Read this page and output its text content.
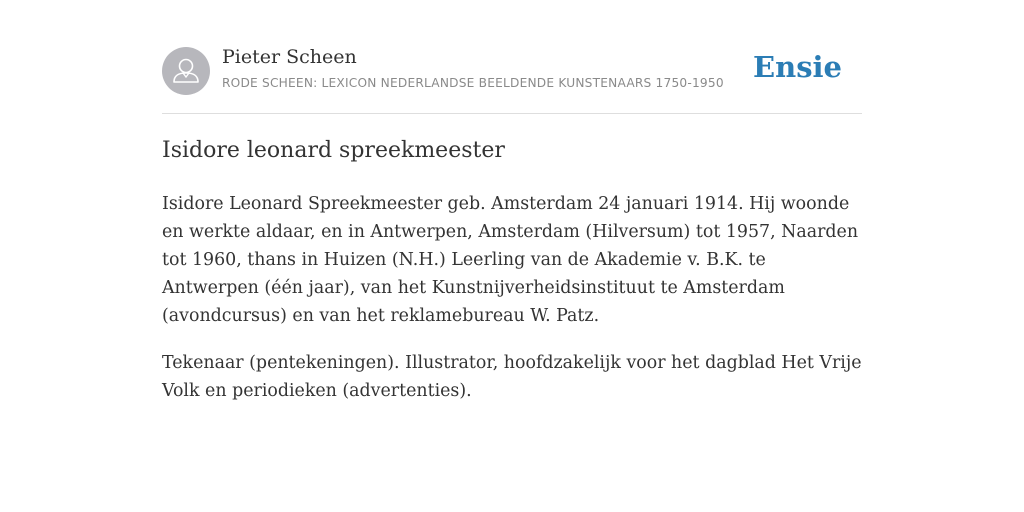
Pieter Scheen
RODE SCHEEN: LEXICON NEDERLANDSE BEELDENDE KUNSTENAARS 1750-1950 Ensie
Isidore leonard spreekmeester

Isidore Leonard Spreekmeester geb. Amsterdam 24 januari 1914. Hij woonde en werkte aldaar, en in Antwerpen, Amsterdam (Hilversum) tot 1957, Naarden tot 1960, thans in Huizen (N.H.) Leerling van de Akademie v. B.K. te Antwerpen (één jaar), van het Kunstnijverheidsinstituut te Amsterdam (avondcursus) en van het reklamebureau W. Patz.

Tekenaar (pentekeningen). Illustrator, hoofdzakelijk voor het dagblad Het Vrije Volk en periodieken (advertenties).
